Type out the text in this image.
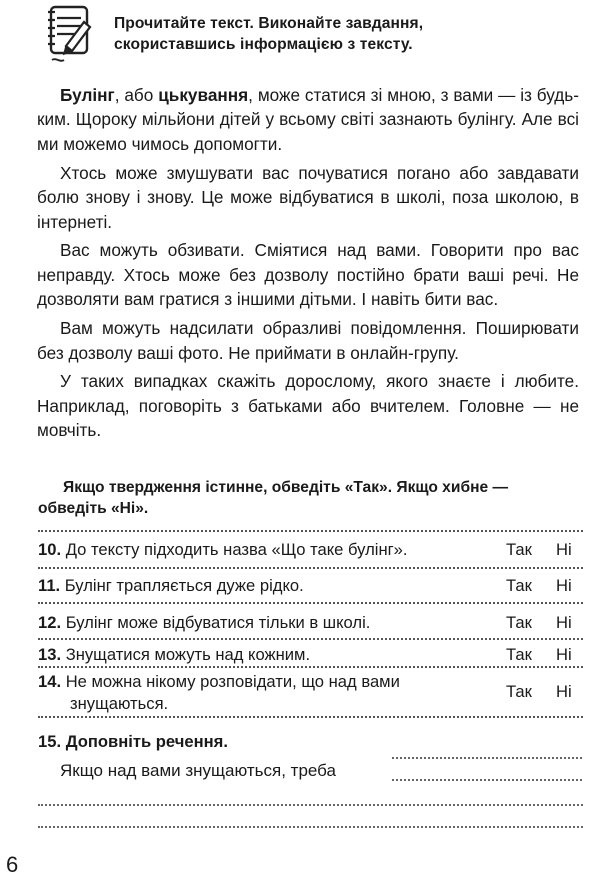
Прочитайте текст. Виконайте завдання,
скориставшись інформацією з тексту.

Булінг, або цькування, може статися зі мною, з вами — із будь-ким. Щороку мільйони дітей у всьому світі зазнають булінгу. Але всі ми можемо чимось допомогти.

Хтось може змушувати вас почуватися погано або завдавати болю знову і знову. Це може відбуватися в школі, поза школою, в інтернеті.

Вас можуть обзивати. Сміятися над вами. Говорити про вас неправду. Хтось може без дозволу постійно брати ваші речі. Не дозволяти вам гратися з іншими дітьми. І навіть бити вас.

Вам можуть надсилати образливі повідомлення. Поширювати без дозволу ваші фото. Не приймати в онлайн-групу.

У таких випадках скажіть дорослому, якого знаєте і любите. Наприклад, поговоріть з батьками або вчителем. Головне — не мовчіть.

Якщо твердження істинне, обведіть «Так». Якщо хибне —
обведіть «Ні».
10. До тексту підходить назва «Що таке булінг».	Так Ні
11. Булінг трапляється дуже рідко.	Так Ні
12. Булінг може відбуватися тільки в школі.	Так Ні
13. Знущатися можуть над кожним.	Так Ні
14. Не можна нікому розповідати, що над вами
знущаються.
Так Ні
15. Доповніть речення.
Якщо над вами знущаються, треба
6
